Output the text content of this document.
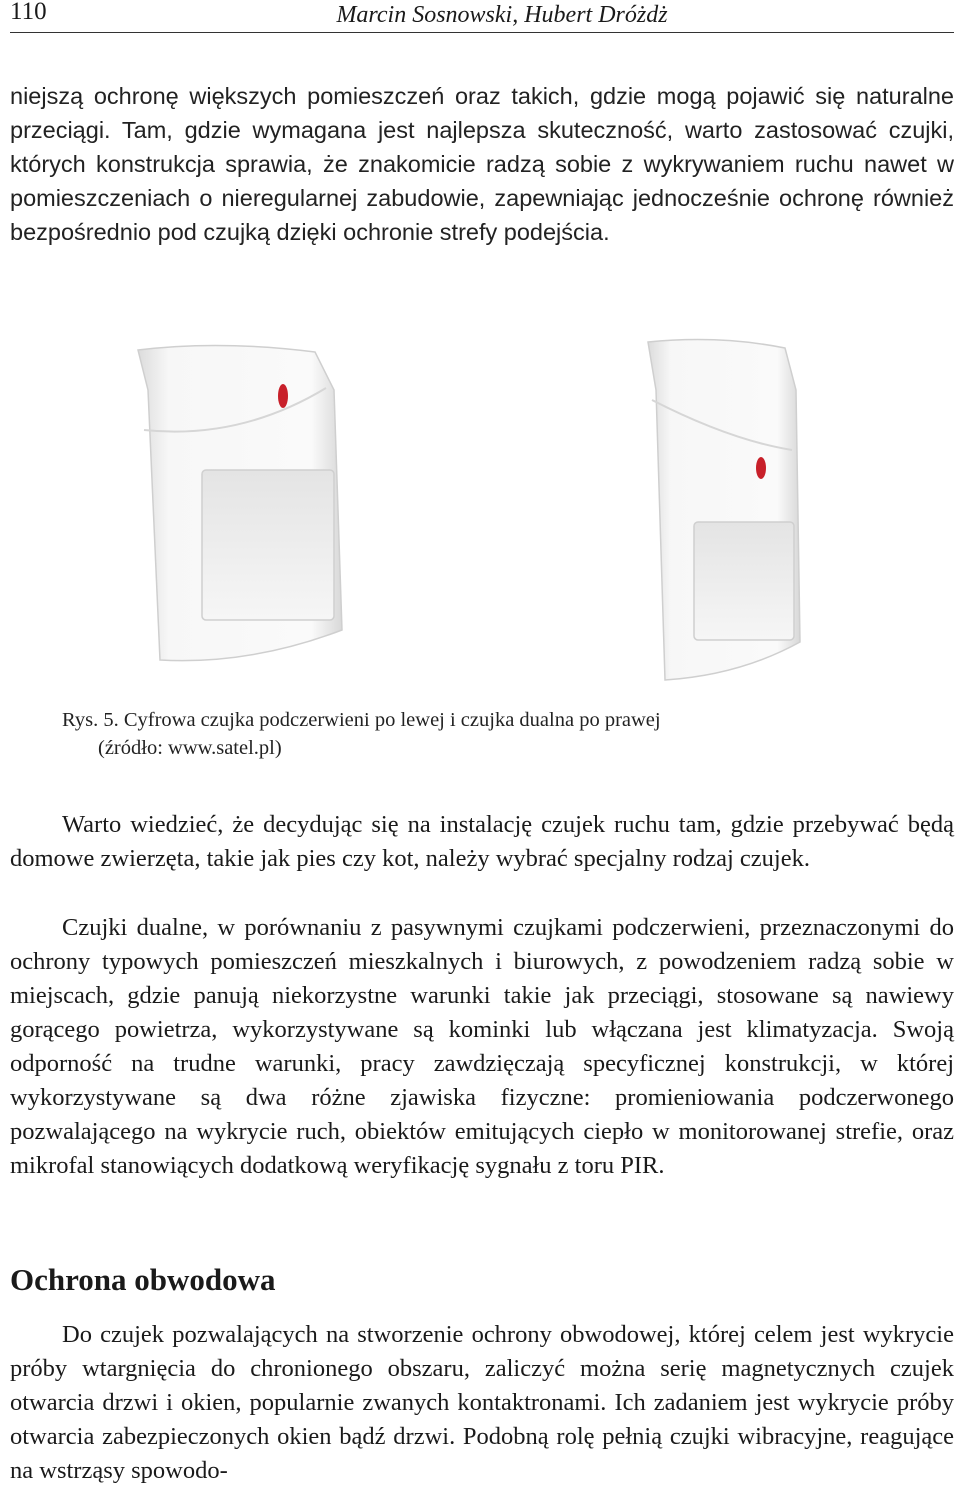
110	Marcin Sosnowski, Hubert Dróżdż

niejszą ochronę większych pomieszczeń oraz takich, gdzie mogą pojawić się naturalne przeciągi. Tam, gdzie wymagana jest najlepsza skuteczność, warto zastosować czujki, których konstrukcja sprawia, że znakomicie radzą sobie z wykrywaniem ruchu nawet w pomieszczeniach o nieregularnej zabudowie, zapewniając jednocześnie ochronę również bezpośrednio pod czujką dzięki ochronie strefy podejścia.

Rys. 5. Cyfrowa czujka podczerwieni po lewej i czujka dualna po prawej
(źródło: www.satel.pl)

Warto wiedzieć, że decydując się na instalację czujek ruchu tam, gdzie przebywać będą domowe zwierzęta, takie jak pies czy kot, należy wybrać specjalny rodzaj czujek.

Czujki dualne, w porównaniu z pasywnymi czujkami podczerwieni, przeznaczonymi do ochrony typowych pomieszczeń mieszkalnych i biurowych, z powodzeniem radzą sobie w miejscach, gdzie panują niekorzystne warunki takie jak przeciągi, stosowane są nawiewy gorącego powietrza, wykorzystywane są kominki lub włączana jest klimatyzacja. Swoją odporność na trudne warunki, pracy zawdzięczają specyficznej konstrukcji, w której wykorzystywane są dwa różne zjawiska fizyczne: promieniowania podczerwonego pozwalającego na wykrycie ruch, obiektów emitujących ciepło w monitorowanej strefie, oraz mikrofal stanowiących dodatkową weryfikację sygnału z toru PIR.

Ochrona obwodowa

Do czujek pozwalających na stworzenie ochrony obwodowej, której celem jest wykrycie próby wtargnięcia do chronionego obszaru, zaliczyć można serię magnetycznych czujek otwarcia drzwi i okien, popularnie zwanych kontaktronami. Ich zadaniem jest wykrycie próby otwarcia zabezpieczonych okien bądź drzwi. Podobną rolę pełnią czujki wibracyjne, reagujące na wstrząsy spowodo-
